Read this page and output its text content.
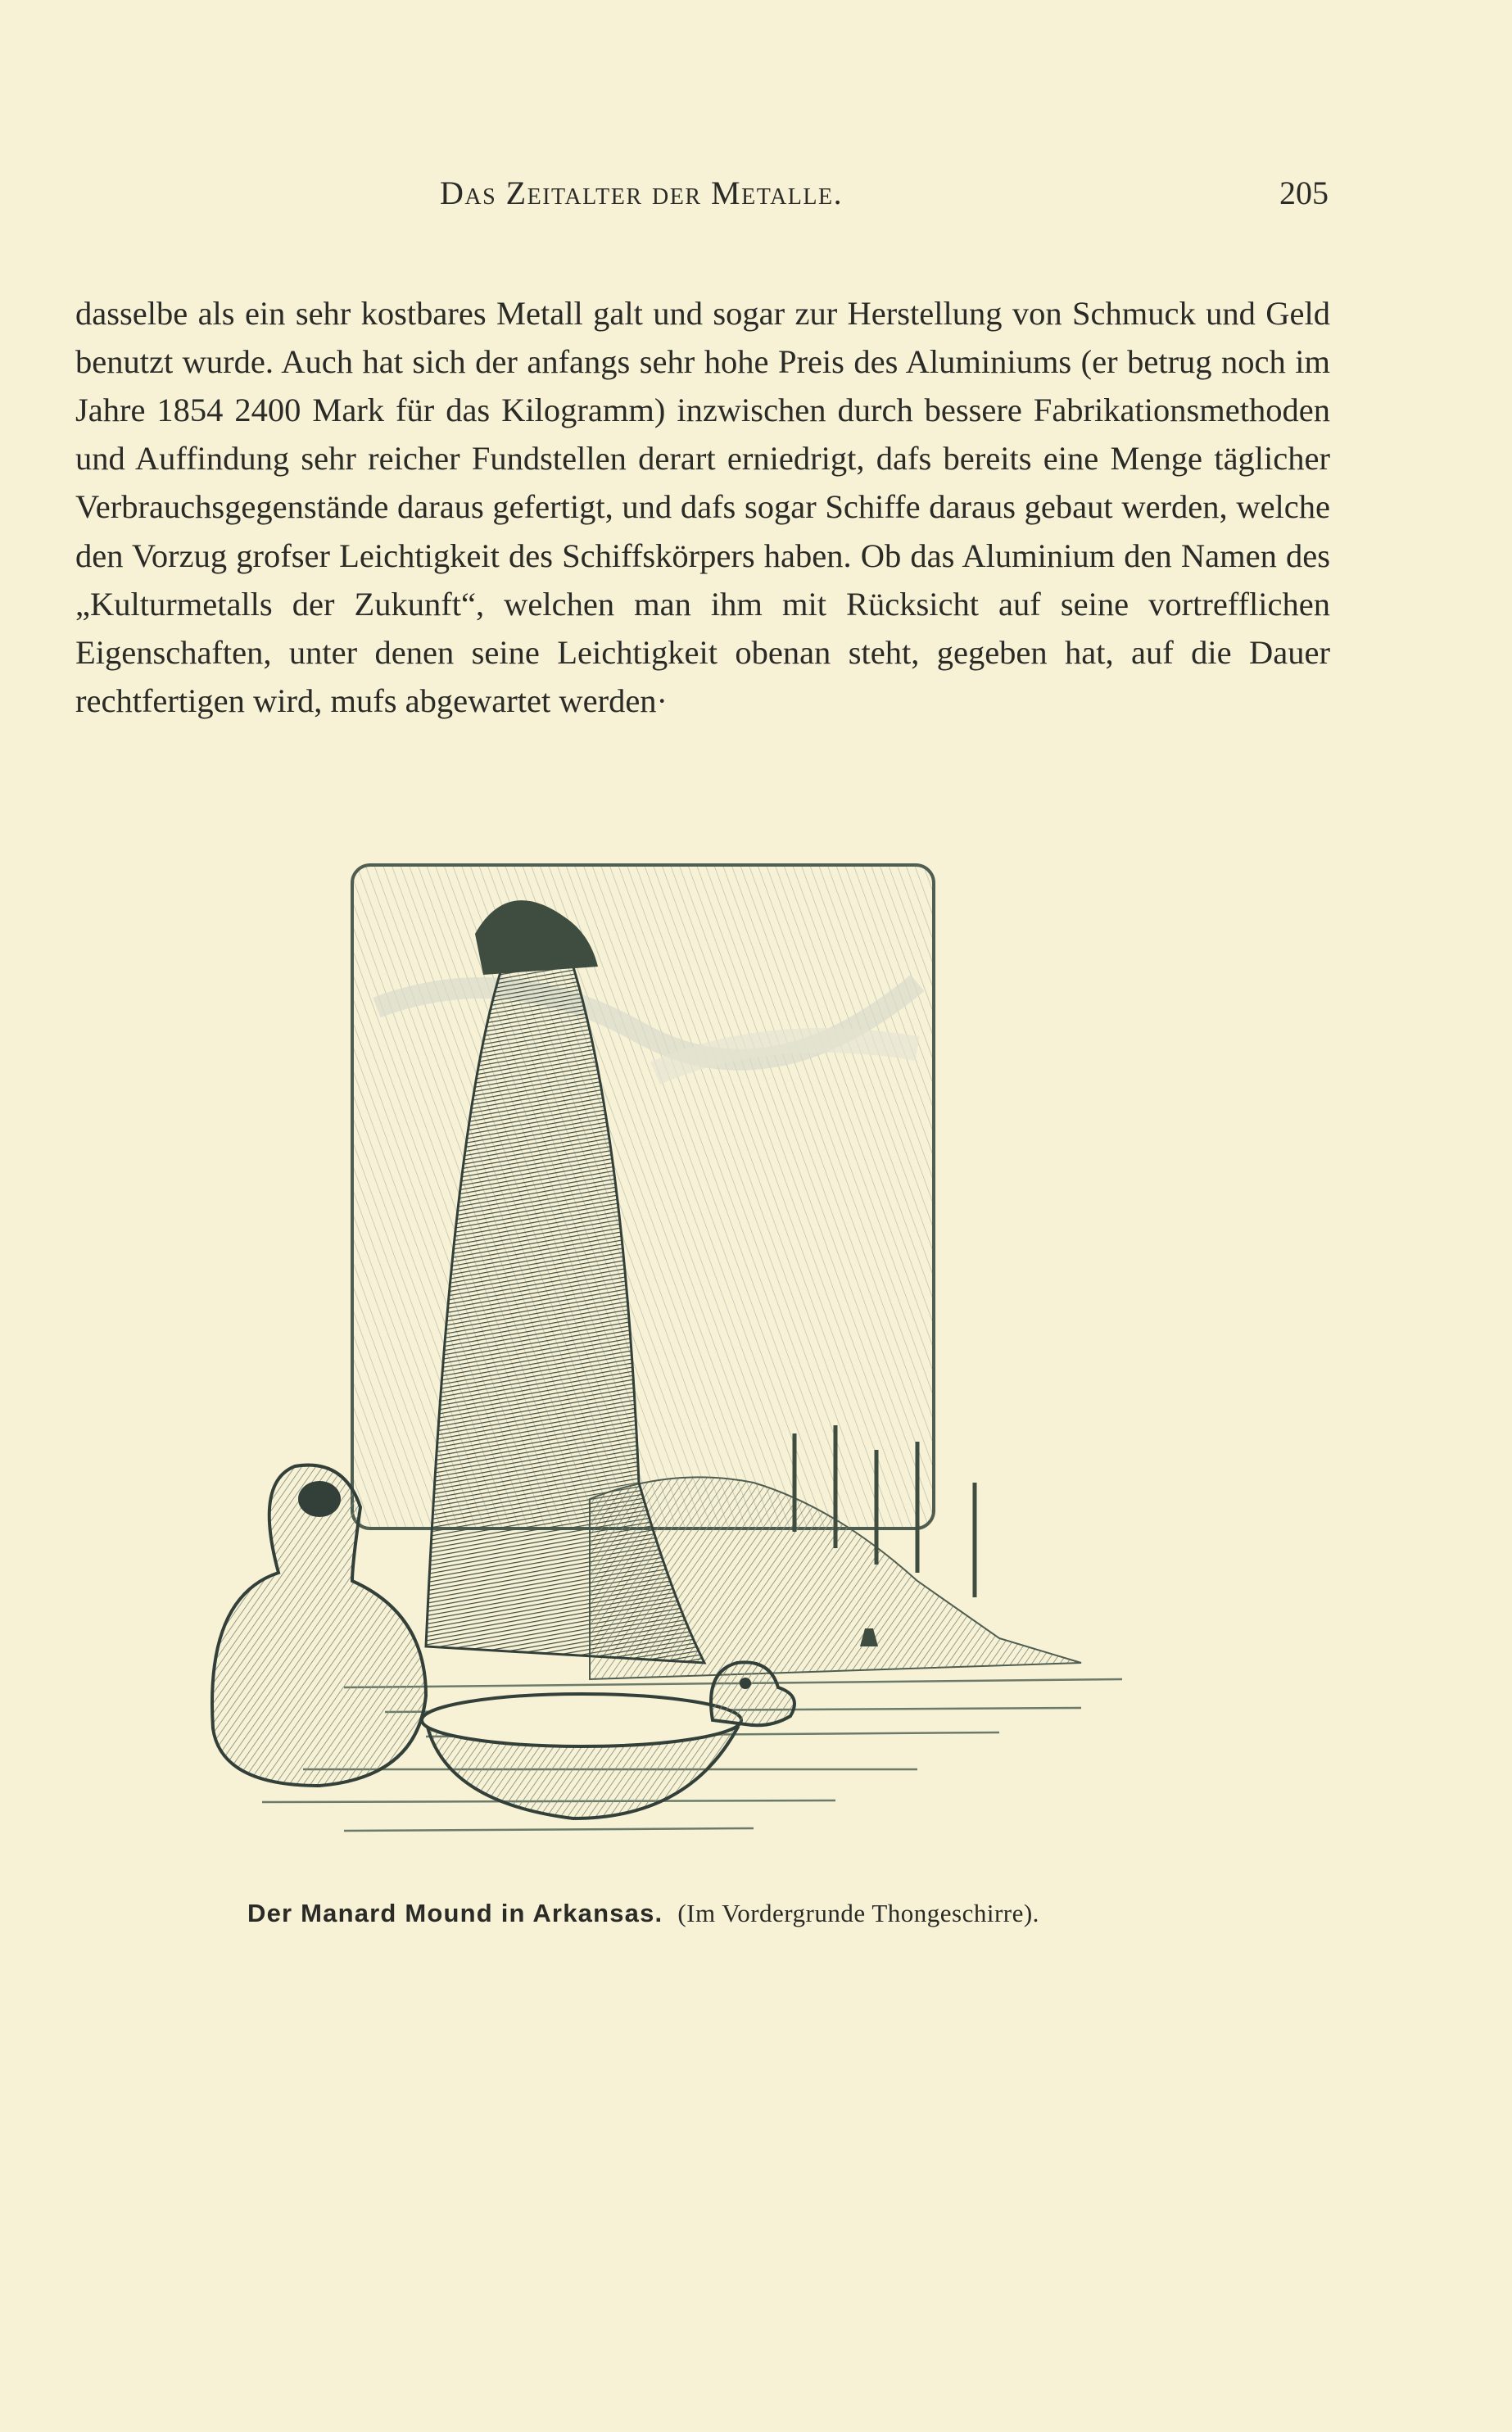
Das Zeitalter der Metalle.	205

dasselbe als ein sehr kostbares Metall galt und sogar zur Herstellung von Schmuck und Geld benutzt wurde. Auch hat sich der anfangs sehr hohe Preis des Aluminiums (er betrug noch im Jahre 1854 2400 Mark für das Kilogramm) inzwischen durch bessere Fabrikationsmethoden und Auffindung sehr reicher Fundstellen derart erniedrigt, dafs bereits eine Menge täglicher Verbrauchsgegenstände daraus gefertigt, und dafs sogar Schiffe daraus gebaut werden, welche den Vorzug grofser Leichtigkeit des Schiffskörpers haben. Ob das Aluminium den Namen des „Kulturmetalls der Zukunft“, welchen man ihm mit Rücksicht auf seine vortrefflichen Eigenschaften, unter denen seine Leichtigkeit obenan steht, gegeben hat, auf die Dauer rechtfertigen wird, mufs abgewartet werden·

Der Manard Mound in Arkansas. (Im Vordergrunde Thongeschirre).
